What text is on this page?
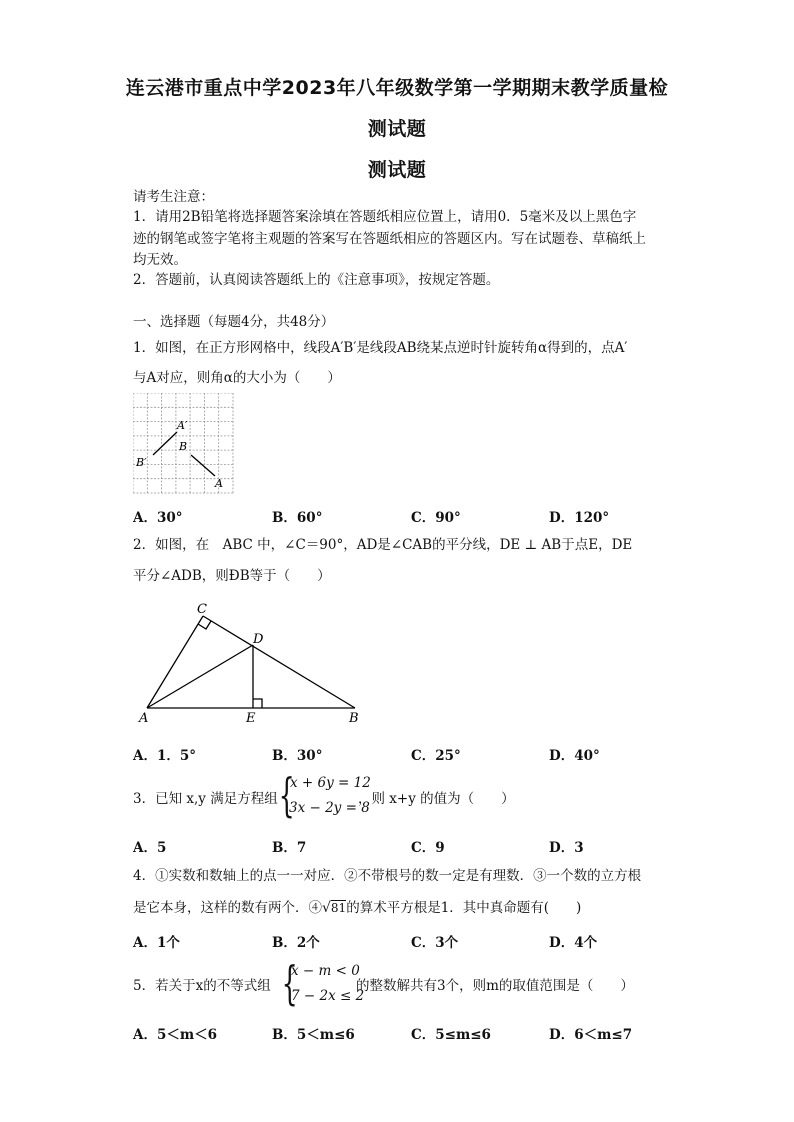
连云港市重点中学2023年八年级数学第一学期期末教学质量检
测试题
测试题
请考生注意：
1．请用2B铅笔将选择题答案涂填在答题纸相应位置上，请用0．5毫米及以上黑色字
迹的钢笔或签字笔将主观题的答案写在答题纸相应的答题区内。写在试题卷、草稿纸上
均无效。
2．答题前，认真阅读答题纸上的《注意事项》，按规定答题。
一、选择题（每题4分，共48分）
1．如图，在正方形网格中，线段A′B′是线段AB绕某点逆时针旋转角α得到的，点A′
与A对应，则角α的大小为（　　）
A′
B
B′
A
A．30°	B．60°	C．90°	D．120°
2．如图，在　ABC 中，∠C＝90°，AD是∠CAB的平分线，DE ⊥ AB于点E，DE
平分∠ADB，则ÐB等于（　　）
C
D
A	E	B
A．1．5°	B．30°	C．25°	D．40°
3．已知 x,y 满足方程组 {
x + 6y = 12
3x − 2y = 8
，则 x+y 的值为（　　）
A．5	B．7	C．9	D．3
4．①实数和数轴上的点一一对应．②不带根号的数一定是有理数．③一个数的立方根
是它本身，这样的数有两个．④√81的算术平方根是1．其中真命题有(　　)
A．1个	B．2个	C．3个	D．4个
5．若关于x的不等式组 {
x − m < 0
7 − 2x ≤ 2
的整数解共有3个，则m的取值范围是（　　）
A．5＜m＜6	B．5＜m≤6	C．5≤m≤6	D．6＜m≤7
